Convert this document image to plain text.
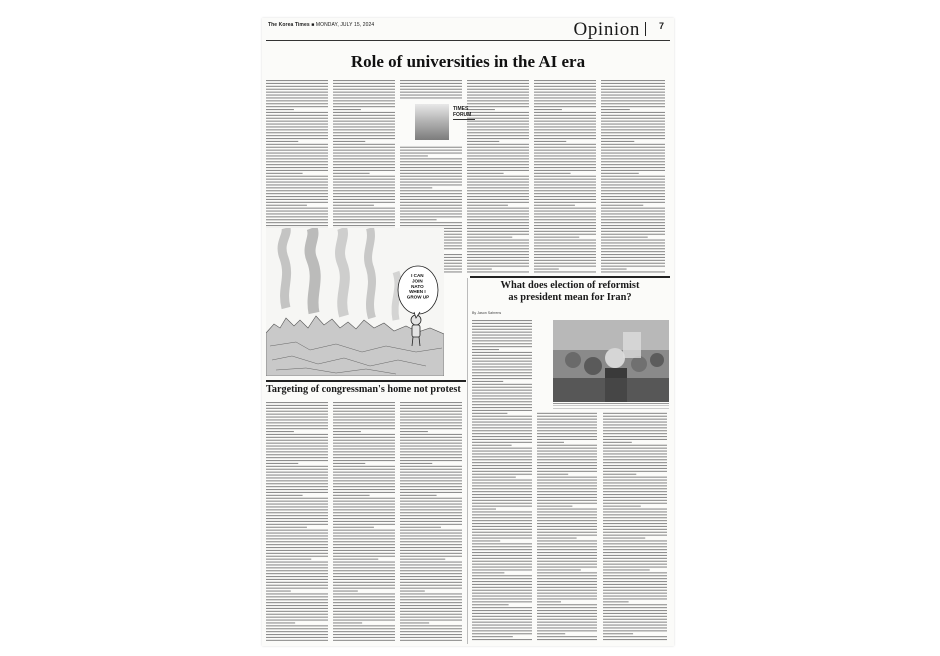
The Korea Times ■ MONDAY, JULY 15, 2024	Opinion 7
Role of universities in the AI era
TIMES
FORUM
I CAN JOIN NATO WHEN I GROW UP
What does election of reformist
as president mean for Iran?
By Jason Sahrens
Targeting of congressman's home not protest
